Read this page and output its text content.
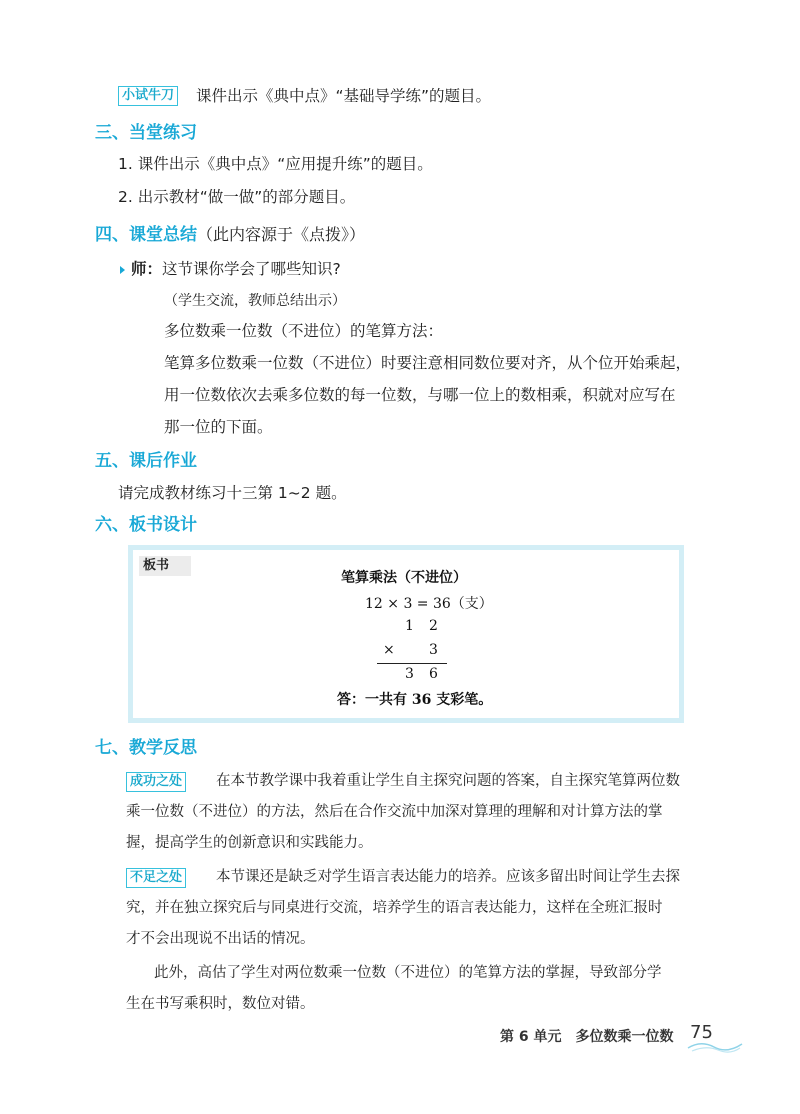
小试牛刀 课件出示《典中点》“基础导学练”的题目。
三、当堂练习
1. 课件出示《典中点》“应用提升练”的题目。
2. 出示教材“做一做”的部分题目。
四、课堂总结（此内容源于《点拨》）
师：这节课你学会了哪些知识?
（学生交流，教师总结出示）
多位数乘一位数（不进位）的笔算方法：
笔算多位数乘一位数（不进位）时要注意相同数位要对齐，从个位开始乘起，
用一位数依次去乘多位数的每一位数，与哪一位上的数相乘，积就对应写在
那一位的下面。
五、课后作业
请完成教材练习十三第 1~2 题。
六、板书设计
板书
笔算乘法（不进位）
12 × 3 = 36（支）
1 2
× 3
3 6
答：一共有 36 支彩笔。
七、教学反思
成功之处 在本节教学课中我着重让学生自主探究问题的答案，自主探究笔算两位数
乘一位数（不进位）的方法，然后在合作交流中加深对算理的理解和对计算方法的掌
握，提高学生的创新意识和实践能力。
不足之处 本节课还是缺乏对学生语言表达能力的培养。应该多留出时间让学生去探
究，并在独立探究后与同桌进行交流，培养学生的语言表达能力，这样在全班汇报时
才不会出现说不出话的情况。
此外，高估了学生对两位数乘一位数（不进位）的笔算方法的掌握，导致部分学
生在书写乘积时，数位对错。
第 6 单元　多位数乘一位数 75
